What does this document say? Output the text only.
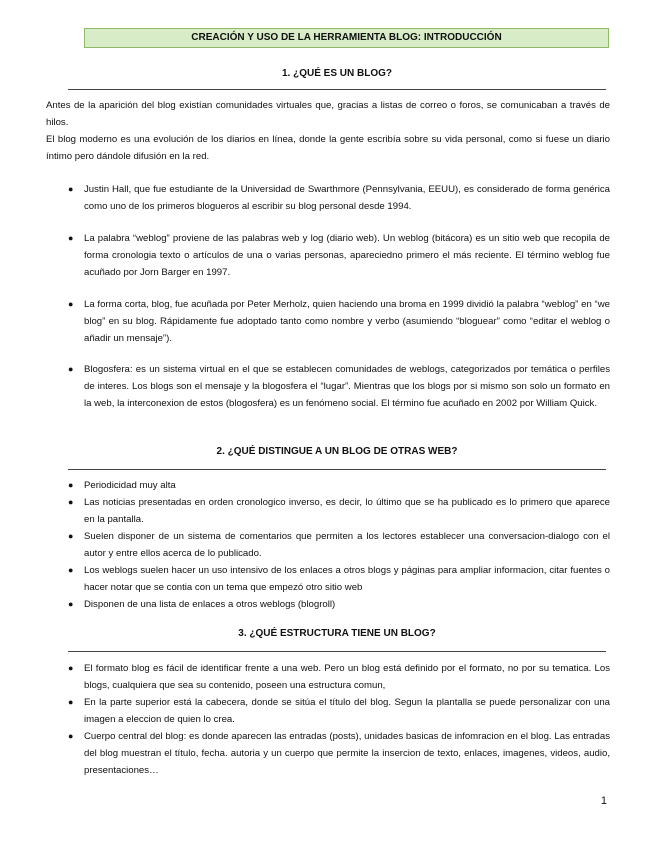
CREACIÓN Y USO DE LA HERRAMIENTA BLOG: INTRODUCCIÓN
1. ¿QUÉ ES UN BLOG?
Antes de la aparición del blog existían comunidades virtuales que, gracias a listas de correo o foros, se comunicaban a través de hilos.
El blog moderno es una evolución de los diarios en línea, donde la gente escribía sobre su vida personal, como si fuese un diario íntimo pero dándole difusión en la red.
● Justin Hall, que fue estudiante de la Universidad de Swarthmore (Pennsylvania, EEUU), es considerado de forma genérica como uno de los primeros blogueros al escribir su blog personal desde 1994.
● La palabra “weblog” proviene de las palabras web y log (diario web). Un weblog (bitácora) es un sitio web que recopila de forma cronologia texto o artículos de una o varias personas, apareciedno primero el más reciente. El término weblog fue acuñado por Jorn Barger en 1997.
● La forma corta, blog, fue acuñada por Peter Merholz, quien haciendo una broma en 1999 dividió la palabra “weblog” en “we blog” en su blog. Rápidamente fue adoptado tanto como nombre y verbo (asumiendo “bloguear” como “editar el weblog o añadir un mensaje”).
● Blogosfera: es un sistema virtual en el que se establecen comunidades de weblogs, categorizados por temática o perfiles de interes. Los blogs son el mensaje y la blogosfera el “lugar”. Mientras que los blogs por si mismo son solo un formato en la web, la interconexion de estos (blogosfera) es un fenómeno social. El término fue acuñado en 2002 por William Quick.
2. ¿QUÉ DISTINGUE A UN BLOG DE OTRAS WEB?
● Periodicidad muy alta
● Las noticias presentadas en orden cronologico inverso, es decir, lo último que se ha publicado es lo primero que aparece en la pantalla.
● Suelen disponer de un sistema de comentarios que permiten a los lectores establecer una conversacion-dialogo con el autor y entre ellos acerca de lo publicado.
● Los weblogs suelen hacer un uso intensivo de los enlaces a otros blogs y páginas para ampliar informacion, citar fuentes o hacer notar que se contia con un tema que empezó otro sitio web
● Disponen de una lista de enlaces a otros weblogs (blogroll)
3. ¿QUÉ ESTRUCTURA TIENE UN BLOG?
● El formato blog es fácil de identificar frente a una web. Pero un blog está definido por el formato, no por su tematica. Los blogs, cualquiera que sea su contenido, poseen una estructura comun,
● En la parte superior está la cabecera, donde se sitúa el título del blog. Segun la plantalla se puede personalizar con una imagen a eleccion de quien lo crea.
● Cuerpo central del blog: es donde aparecen las entradas (posts), unidades basicas de infomracion en el blog. Las entradas del blog muestran el título, fecha. autoria y un cuerpo que permite la insercion de texto, enlaces, imagenes, videos, audio, presentaciones…
1
